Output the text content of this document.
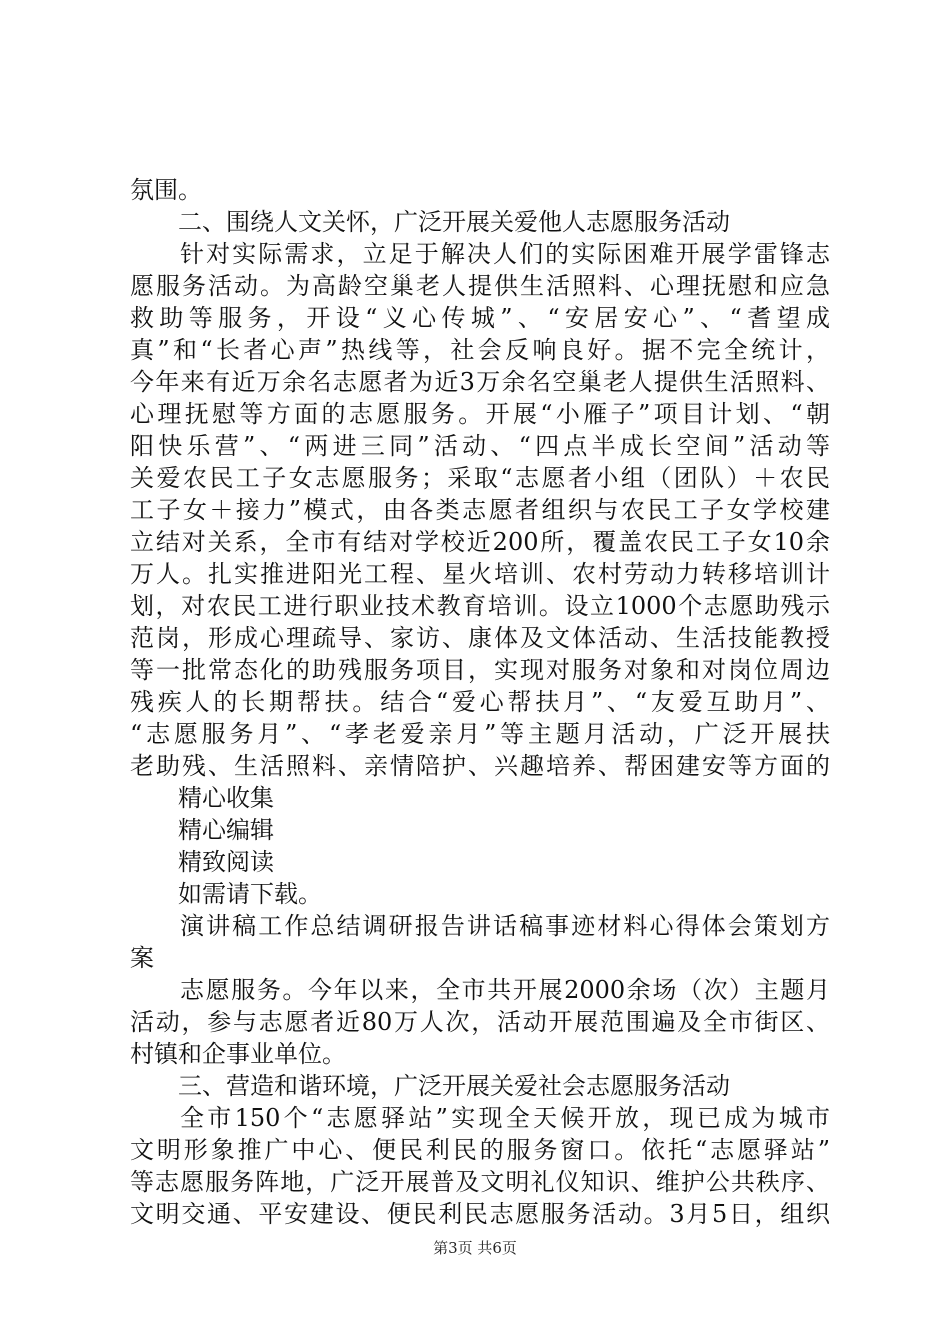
氛围。
二、围绕人文关怀，广泛开展关爱他人志愿服务活动
针对实际需求，立足于解决人们的实际困难开展学雷锋志
愿服务活动。为高龄空巢老人提供生活照料、心理抚慰和应急
救助等服务，开设“义心传城”、“安居安心”、“耆望成
真”和“长者心声”热线等，社会反响良好。据不完全统计，
今年来有近万余名志愿者为近3万余名空巢老人提供生活照料、
心理抚慰等方面的志愿服务。开展“小雁子”项目计划、“朝
阳快乐营”、“两进三同”活动、“四点半成长空间”活动等
关爱农民工子女志愿服务；采取“志愿者小组（团队）＋农民
工子女＋接力”模式，由各类志愿者组织与农民工子女学校建
立结对关系，全市有结对学校近200所，覆盖农民工子女10余
万人。扎实推进阳光工程、星火培训、农村劳动力转移培训计
划，对农民工进行职业技术教育培训。设立1000个志愿助残示
范岗，形成心理疏导、家访、康体及文体活动、生活技能教授
等一批常态化的助残服务项目，实现对服务对象和对岗位周边
残疾人的长期帮扶。结合“爱心帮扶月”、“友爱互助月”、
“志愿服务月”、“孝老爱亲月”等主题月活动，广泛开展扶
老助残、生活照料、亲情陪护、兴趣培养、帮困建安等方面的
精心收集
精心编辑
精致阅读
如需请下载。
演讲稿工作总结调研报告讲话稿事迹材料心得体会策划方
案
志愿服务。今年以来，全市共开展2000余场（次）主题月
活动，参与志愿者近80万人次，活动开展范围遍及全市街区、
村镇和企事业单位。
三、营造和谐环境，广泛开展关爱社会志愿服务活动
全市150个“志愿驿站”实现全天候开放，现已成为城市
文明形象推广中心、便民利民的服务窗口。依托“志愿驿站”
等志愿服务阵地，广泛开展普及文明礼仪知识、维护公共秩序、
文明交通、平安建设、便民利民志愿服务活动。3月5日，组织
第3页 共6页
